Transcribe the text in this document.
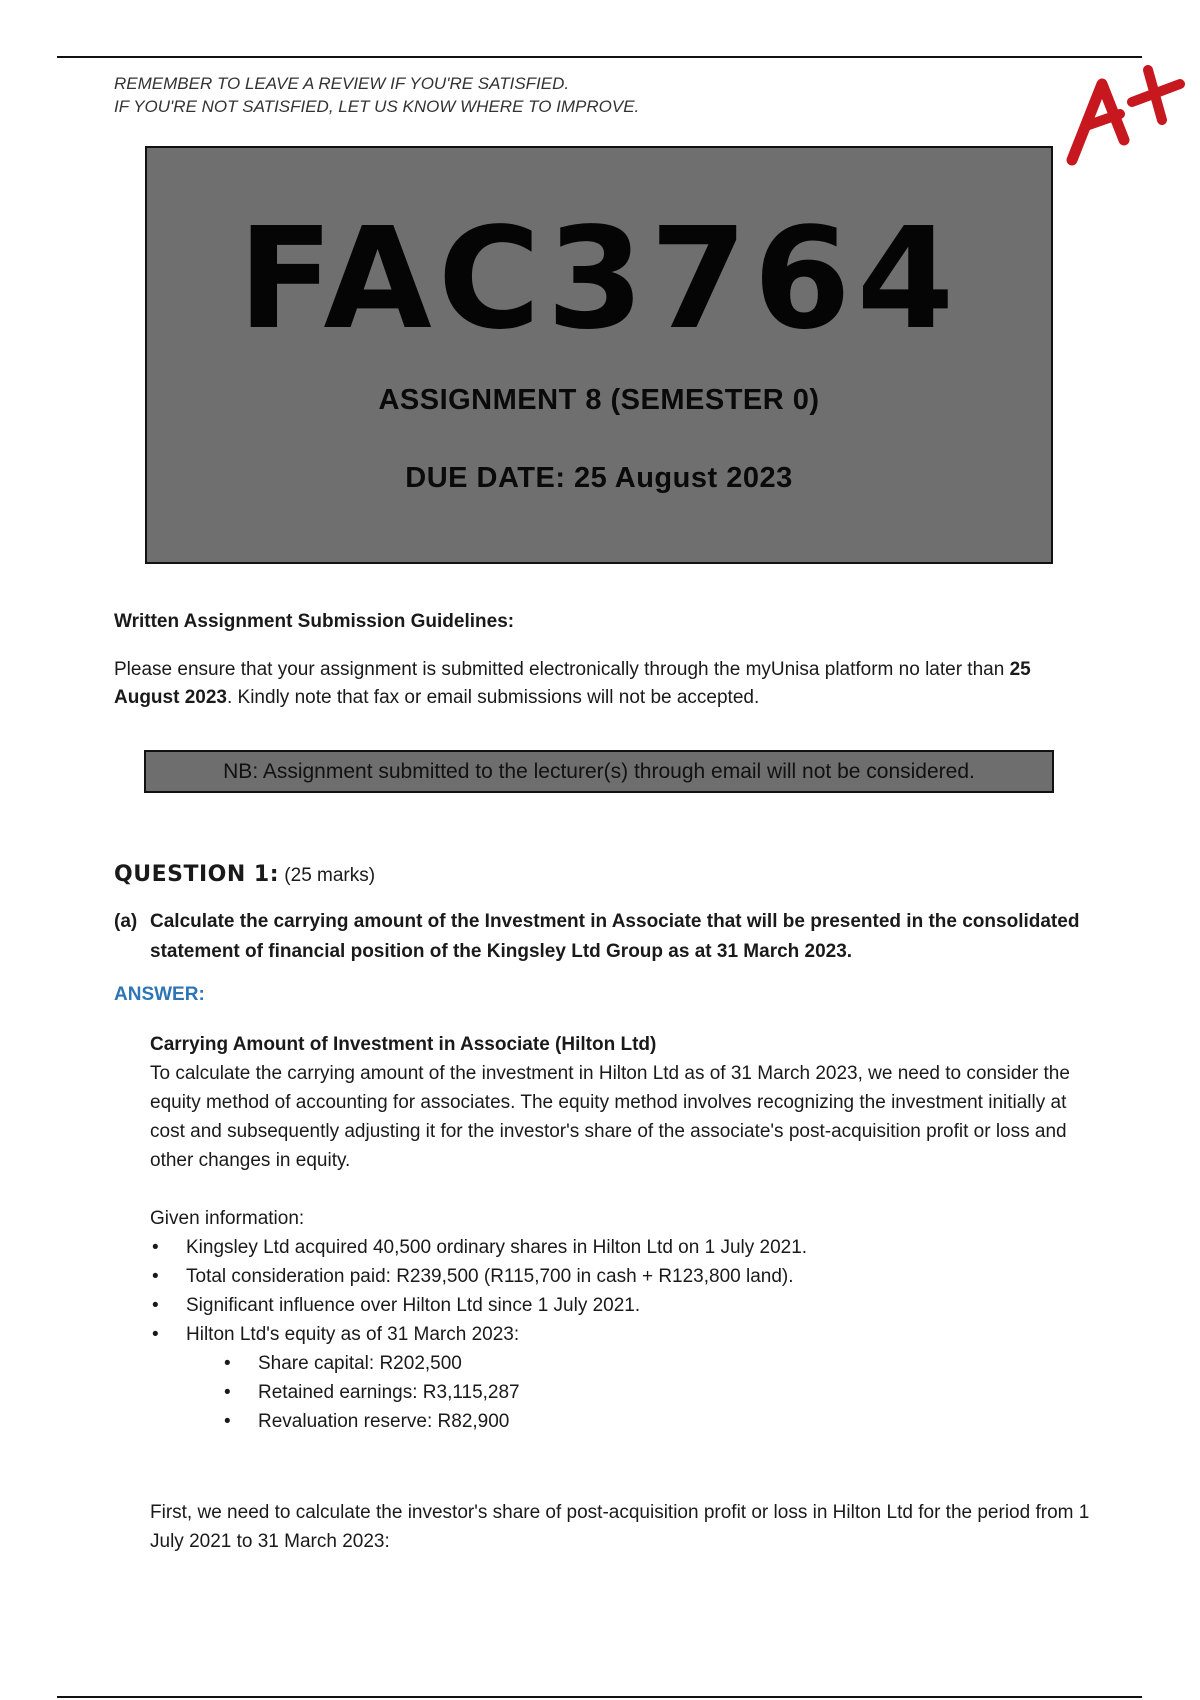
REMEMBER TO LEAVE A REVIEW IF YOU'RE SATISFIED.
IF YOU'RE NOT SATISFIED, LET US KNOW WHERE TO IMPROVE.
FAC3764
ASSIGNMENT 8 (SEMESTER 0)
DUE DATE: 25 August 2023
Written Assignment Submission Guidelines:
Please ensure that your assignment is submitted electronically through the myUnisa platform no later than 25 August 2023. Kindly note that fax or email submissions will not be accepted.
NB: Assignment submitted to the lecturer(s) through email will not be considered.
QUESTION 1: (25 marks)
(a) Calculate the carrying amount of the Investment in Associate that will be presented in the consolidated statement of financial position of the Kingsley Ltd Group as at 31 March 2023.
ANSWER:
Carrying Amount of Investment in Associate (Hilton Ltd)
To calculate the carrying amount of the investment in Hilton Ltd as of 31 March 2023, we need to consider the equity method of accounting for associates. The equity method involves recognizing the investment initially at cost and subsequently adjusting it for the investor's share of the associate's post-acquisition profit or loss and other changes in equity.
Given information:
• Kingsley Ltd acquired 40,500 ordinary shares in Hilton Ltd on 1 July 2021.
• Total consideration paid: R239,500 (R115,700 in cash + R123,800 land).
• Significant influence over Hilton Ltd since 1 July 2021.
• Hilton Ltd's equity as of 31 March 2023:
• Share capital: R202,500
• Retained earnings: R3,115,287
• Revaluation reserve: R82,900
First, we need to calculate the investor's share of post-acquisition profit or loss in Hilton Ltd for the period from 1 July 2021 to 31 March 2023:
